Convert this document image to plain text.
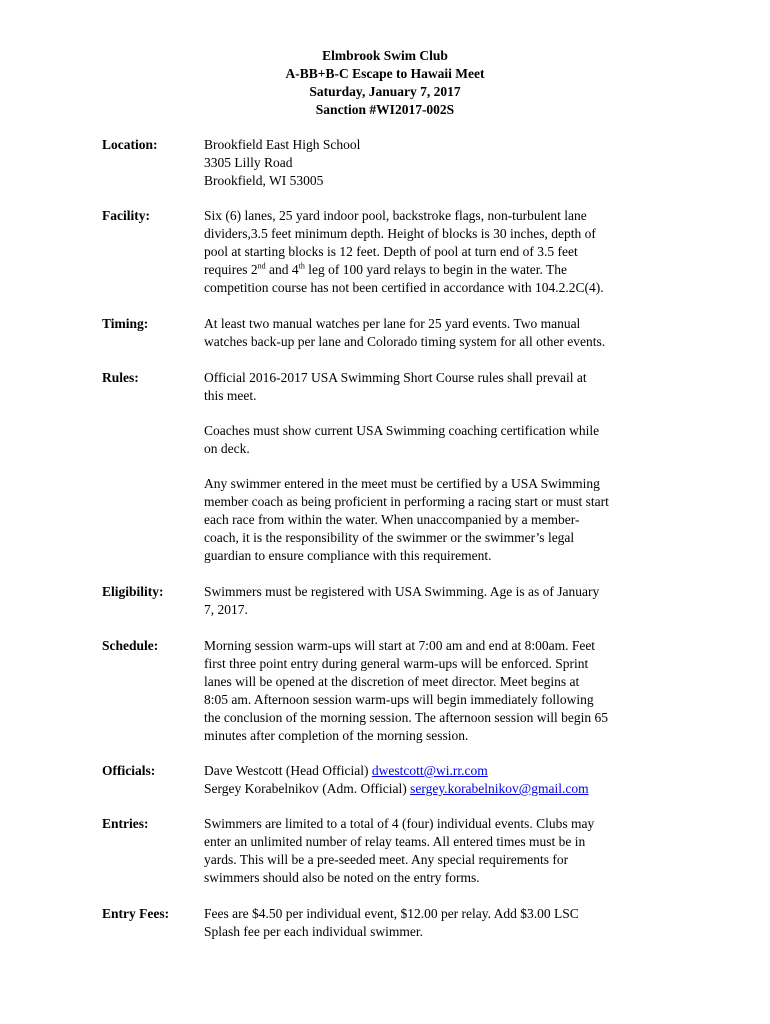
Elmbrook Swim Club
A-BB+B-C Escape to Hawaii Meet
Saturday, January 7, 2017
Sanction #WI2017-002S
Location:	Brookfield East High School
3305 Lilly Road
Brookfield, WI 53005
Facility:	Six (6) lanes, 25 yard indoor pool, backstroke flags, non-turbulent lane
dividers,3.5 feet minimum depth. Height of blocks is 30 inches, depth of
pool at starting blocks is 12 feet. Depth of pool at turn end of 3.5 feet
requires 2nd and 4th leg of 100 yard relays to begin in the water. The
competition course has not been certified in accordance with 104.2.2C(4).
Timing:	At least two manual watches per lane for 25 yard events. Two manual
watches back-up per lane and Colorado timing system for all other events.
Rules:	Official 2016-2017 USA Swimming Short Course rules shall prevail at
this meet.
Coaches must show current USA Swimming coaching certification while
on deck.
Any swimmer entered in the meet must be certified by a USA Swimming
member coach as being proficient in performing a racing start or must start
each race from within the water. When unaccompanied by a member-
coach, it is the responsibility of the swimmer or the swimmer’s legal
guardian to ensure compliance with this requirement.
Eligibility:	Swimmers must be registered with USA Swimming. Age is as of January
7, 2017.
Schedule:	Morning session warm-ups will start at 7:00 am and end at 8:00am. Feet
first three point entry during general warm-ups will be enforced. Sprint
lanes will be opened at the discretion of meet director. Meet begins at
8:05 am. Afternoon session warm-ups will begin immediately following
the conclusion of the morning session. The afternoon session will begin 65
minutes after completion of the morning session.
Officials:	Dave Westcott (Head Official) dwestcott@wi.rr.com
Sergey Korabelnikov (Adm. Official) sergey.korabelnikov@gmail.com
Entries:	Swimmers are limited to a total of 4 (four) individual events. Clubs may
enter an unlimited number of relay teams. All entered times must be in
yards. This will be a pre-seeded meet. Any special requirements for
swimmers should also be noted on the entry forms.
Entry Fees:	Fees are $4.50 per individual event, $12.00 per relay. Add $3.00 LSC
Splash fee per each individual swimmer.
